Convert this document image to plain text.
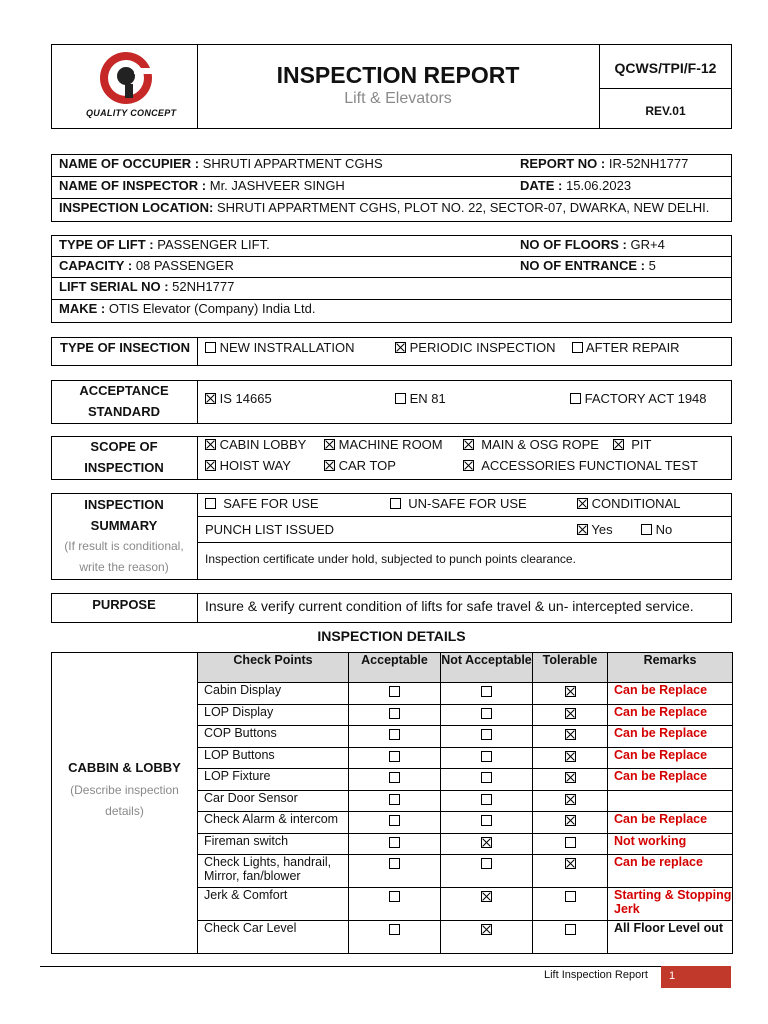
QUALITY CONCEPT
INSPECTION REPORT
Lift & Elevators
QCWS/TPI/F-12
REV.01
NAME OF OCCUPIER : SHRUTI APPARTMENT CGHS	REPORT NO : IR-52NH1777
NAME OF INSPECTOR : Mr. JASHVEER SINGH	DATE : 15.06.2023
INSPECTION LOCATION: SHRUTI APPARTMENT CGHS, PLOT NO. 22, SECTOR-07, DWARKA, NEW DELHI.
TYPE OF LIFT : PASSENGER LIFT.	NO OF FLOORS : GR+4
CAPACITY : 08 PASSENGER	NO OF ENTRANCE : 5
LIFT SERIAL NO : 52NH1777
MAKE : OTIS Elevator (Company) India Ltd.
TYPE OF INSECTION	NEW INSTRALLATION	PERIODIC INSPECTION	AFTER REPAIR
ACCEPTANCE
STANDARD
IS 14665	EN 81	FACTORY ACT 1948
SCOPE OF
INSPECTION
CABIN LOBBY	MACHINE ROOM	MAIN & OSG ROPE	PIT
HOIST WAY	CAR TOP	ACCESSORIES FUNCTIONAL TEST
INSPECTION
SUMMARY
(If result is conditional,
write the reason)
SAFE FOR USE	UN-SAFE FOR USE	CONDITIONAL
PUNCH LIST ISSUED	Yes	No
Inspection certificate under hold, subjected to punch points clearance.
PURPOSE	Insure & verify current condition of lifts for safe travel & un- intercepted service.
INSPECTION DETAILS
CABBIN & LOBBY
(Describe inspection
details)
Check Points	Acceptable	Not Acceptable	Tolerable	Remarks
Cabin Display				Can be Replace
LOP Display				Can be Replace
COP Buttons				Can be Replace
LOP Buttons				Can be Replace
LOP Fixture				Can be Replace
Car Door Sensor				
Check Alarm & intercom				Can be Replace
Fireman switch				Not working
Check Lights, handrail, Mirror, fan/blower				Can be replace
Jerk & Comfort				Starting & Stopping Jerk
Check Car Level				All Floor Level out
Lift Inspection Report 1
